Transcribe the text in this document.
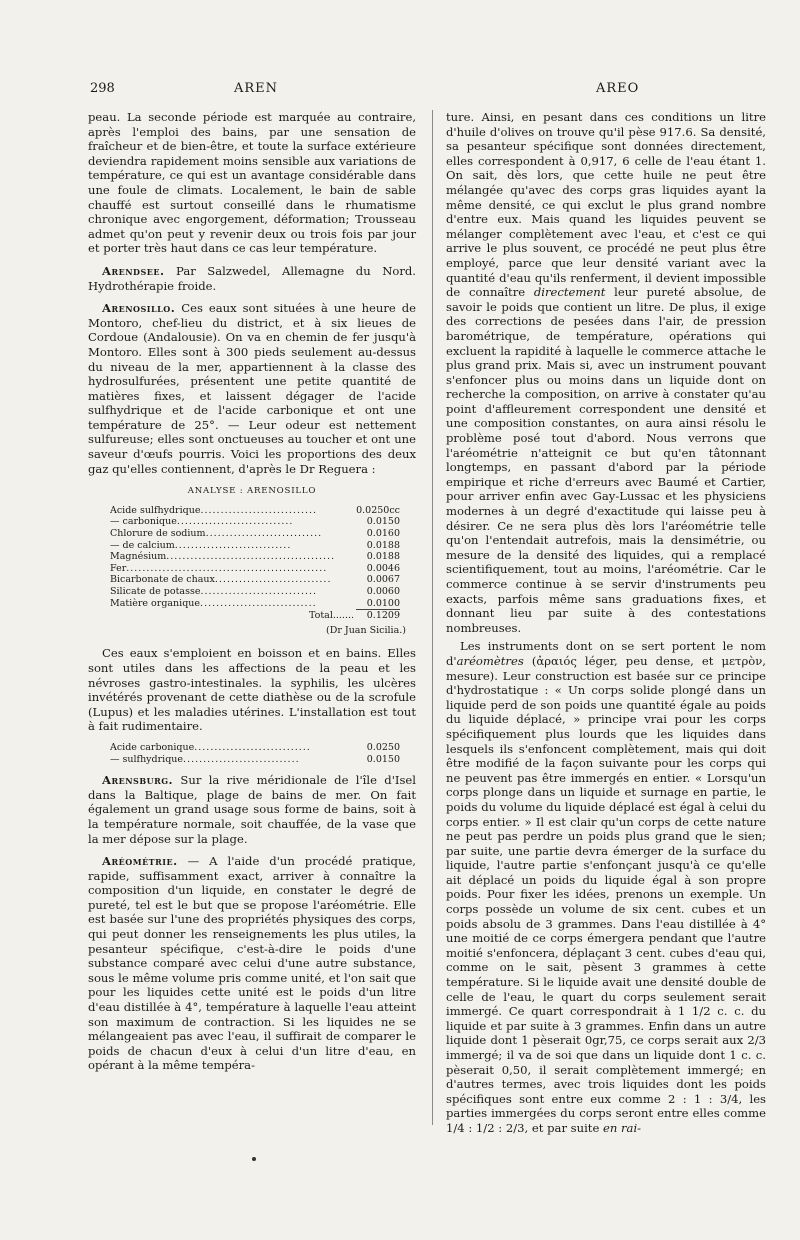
298	AREN	AREO

peau. La seconde période est marquée au contraire, après l'emploi des bains, par une sensation de fraîcheur et de bien-être, et toute la surface extérieure deviendra rapidement moins sensible aux variations de température, ce qui est un avantage considérable dans une foule de climats. Localement, le bain de sable chauffé est surtout conseillé dans le rhumatisme chronique avec engorgement, déformation; Trousseau admet qu'on peut y revenir deux ou trois fois par jour et porter très haut dans ce cas leur température.

Arendsee. Par Salzwedel, Allemagne du Nord. Hydrothérapie froide.

Arenosillo. Ces eaux sont situées à une heure de Montoro, chef-lieu du district, et à six lieues de Cordoue (Andalousie). On va en chemin de fer jusqu'à Montoro. Elles sont à 300 pieds seulement au-dessus du niveau de la mer, appartiennent à la classe des hydrosulfurées, présentent une petite quantité de matières fixes, et laissent dégager de l'acide sulfhydrique et de l'acide carbonique et ont une température de 25°. — Leur odeur est nettement sulfureuse; elles sont onctueuses au toucher et ont une saveur d'œufs pourris. Voici les proportions des deux gaz qu'elles contiennent, d'après le Dr Reguera :

ANALYSE : ARENOSILLO
Acide sulfhydrique.............................	0.0250cc
— carbonique.............................	0.0150
Chlorure de sodium.............................	0.0160
— de calcium.............................	0.0188
Magnésium..........................................	0.0188
Fer..................................................	0.0046
Bicarbonate de chaux.............................	0.0067
Silicate de potasse.............................	0.0060
Matière organique.............................	0.0100
Total.......	0.1209
(Dr Juan Sicilia.)

Ces eaux s'emploient en boisson et en bains. Elles sont utiles dans les affections de la peau et les névroses gastro-intestinales. la syphilis, les ulcères invétérés provenant de cette diathèse ou de la scrofule (Lupus) et les maladies utérines. L'installation est tout à fait rudimentaire.

Acide carbonique.............................	0.0250
— sulfhydrique.............................	0.0150

Arensburg. Sur la rive méridionale de l'île d'Isel dans la Baltique, plage de bains de mer. On fait également un grand usage sous forme de bains, soit à la température normale, soit chauffée, de la vase que la mer dépose sur la plage.

Aréométrie. — A l'aide d'un procédé pratique, rapide, suffisamment exact, arriver à connaître la composition d'un liquide, en constater le degré de pureté, tel est le but que se propose l'aréométrie. Elle est basée sur l'une des propriétés physiques des corps, qui peut donner les renseignements les plus utiles, la pesanteur spécifique, c'est-à-dire le poids d'une substance comparé avec celui d'une autre substance, sous le même volume pris comme unité, et l'on sait que pour les liquides cette unité est le poids d'un litre d'eau distillée à 4°, température à laquelle l'eau atteint son maximum de contraction. Si les liquides ne se mélangeaient pas avec l'eau, il suffirait de comparer le poids de chacun d'eux à celui d'un litre d'eau, en opérant à la même tempéra-

ture. Ainsi, en pesant dans ces conditions un litre d'huile d'olives on trouve qu'il pèse 917.6. Sa densité, sa pesanteur spécifique sont données directement, elles correspondent à 0,917, 6 celle de l'eau étant 1. On sait, dès lors, que cette huile ne peut être mélangée qu'avec des corps gras liquides ayant la même densité, ce qui exclut le plus grand nombre d'entre eux. Mais quand les liquides peuvent se mélanger complètement avec l'eau, et c'est ce qui arrive le plus souvent, ce procédé ne peut plus être employé, parce que leur densité variant avec la quantité d'eau qu'ils renferment, il devient impossible de connaître directement leur pureté absolue, de savoir le poids que contient un litre. De plus, il exige des corrections de pesées dans l'air, de pression barométrique, de température, opérations qui excluent la rapidité à laquelle le commerce attache le plus grand prix. Mais si, avec un instrument pouvant s'enfoncer plus ou moins dans un liquide dont on recherche la composition, on arrive à constater qu'au point d'affleurement correspondent une densité et une composition constantes, on aura ainsi résolu le problème posé tout d'abord. Nous verrons que l'aréométrie n'atteignit ce but qu'en tâtonnant longtemps, en passant d'abord par la période empirique et riche d'erreurs avec Baumé et Cartier, pour arriver enfin avec Gay-Lussac et les physiciens modernes à un degré d'exactitude qui laisse peu à désirer. Ce ne sera plus dès lors l'aréométrie telle qu'on l'entendait autrefois, mais la densimétrie, ou mesure de la densité des liquides, qui a remplacé scientifiquement, tout au moins, l'aréométrie. Car le commerce continue à se servir d'instruments peu exacts, parfois même sans graduations fixes, et donnant lieu par suite à des contestations nombreuses.

Les instruments dont on se sert portent le nom d'aréomètres (ἀραιός léger, peu dense, et μετρὸν, mesure). Leur construction est basée sur ce principe d'hydrostatique : « Un corps solide plongé dans un liquide perd de son poids une quantité égale au poids du liquide déplacé, » principe vrai pour les corps spécifiquement plus lourds que les liquides dans lesquels ils s'enfoncent complètement, mais qui doit être modifié de la façon suivante pour les corps qui ne peuvent pas être immergés en entier. « Lorsqu'un corps plonge dans un liquide et surnage en partie, le poids du volume du liquide déplacé est égal à celui du corps entier. » Il est clair qu'un corps de cette nature ne peut pas perdre un poids plus grand que le sien; par suite, une partie devra émerger de la surface du liquide, l'autre partie s'enfonçant jusqu'à ce qu'elle ait déplacé un poids du liquide égal à son propre poids. Pour fixer les idées, prenons un exemple. Un corps possède un volume de six cent. cubes et un poids absolu de 3 grammes. Dans l'eau distillée à 4° une moitié de ce corps émergera pendant que l'autre moitié s'enfoncera, déplaçant 3 cent. cubes d'eau qui, comme on le sait, pèsent 3 grammes à cette température. Si le liquide avait une densité double de celle de l'eau, le quart du corps seulement serait immergé. Ce quart correspondrait à 1 1/2 c. c. du liquide et par suite à 3 grammes. Enfin dans un autre liquide dont 1 pèserait 0gr,75, ce corps serait aux 2/3 immergé; il va de soi que dans un liquide dont 1 c. c. pèserait 0,50, il serait complètement immergé; en d'autres termes, avec trois liquides dont les poids spécifiques sont entre eux comme 2 : 1 : 3/4, les parties immergées du corps seront entre elles comme 1/4 : 1/2 : 2/3, et par suite en rai-
